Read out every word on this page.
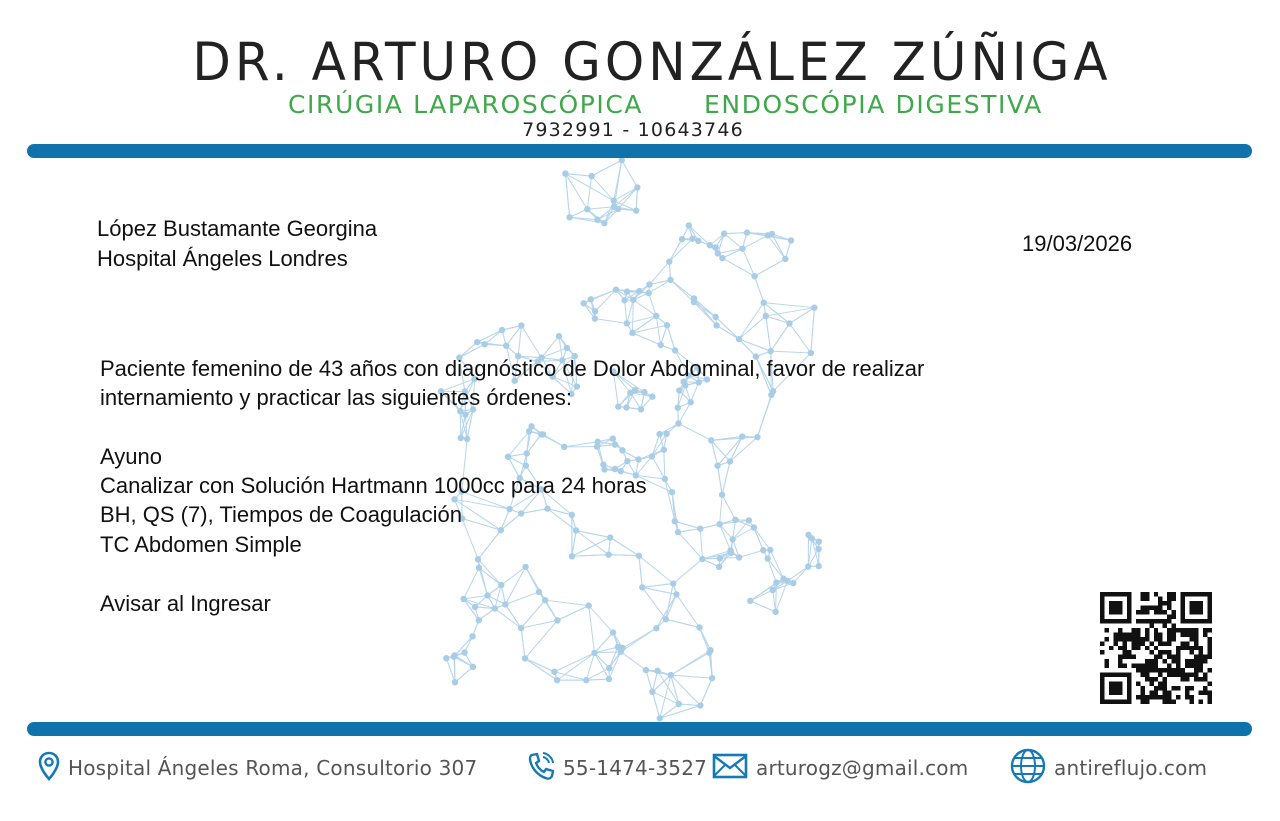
DR. ARTURO GONZÁLEZ ZÚÑIGA
CIRÚGIA LAPAROSCÓPICA ENDOSCÓPIA DIGESTIVA
7932991 - 10643746
López Bustamante Georgina
Hospital Ángeles Londres
19/03/2026
Paciente femenino de 43 años con diagnóstico de Dolor Abdominal, favor de realizar
internamiento y practicar las siguientes órdenes:
Ayuno
Canalizar con Solución Hartmann 1000cc para 24 horas
BH, QS (7), Tiempos de Coagulación
TC Abdomen Simple
Avisar al Ingresar
Hospital Ángeles Roma, Consultorio 307	55-1474-3527 arturogz@gmail.com	antireflujo.com
